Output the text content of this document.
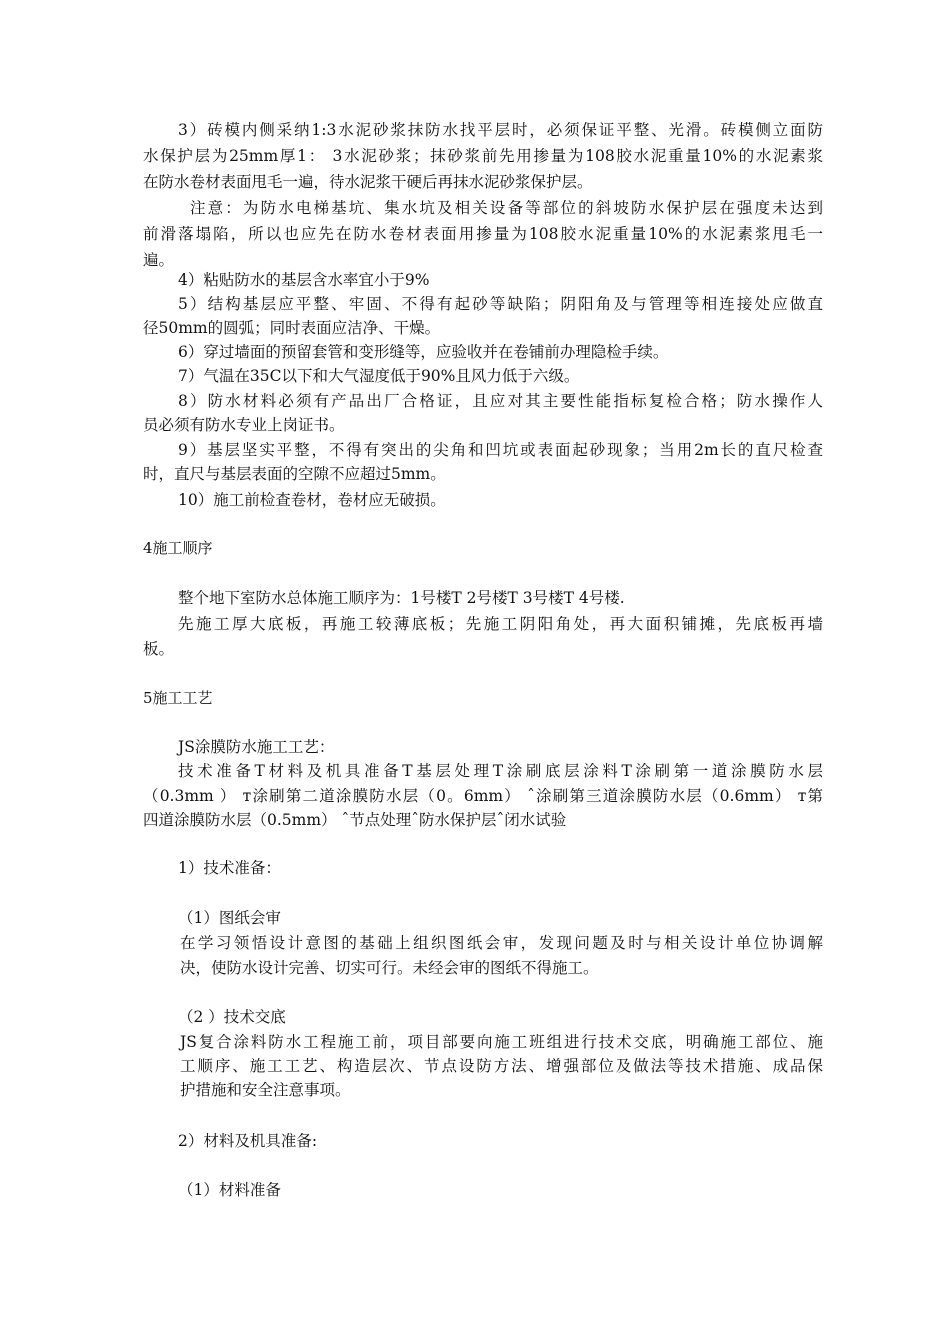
3）砖模内侧采纳1:3水泥砂浆抹防水找平层时，必须保证平整、光滑。砖模侧立面防
水保护层为25mm厚1： 3水泥砂浆；抹砂浆前先用掺量为108胶水泥重量10%的水泥素浆
在防水卷材表面甩毛一遍，待水泥浆干硬后再抹水泥砂浆保护层。
注意：为防水电梯基坑、集水坑及相关设备等部位的斜坡防水保护层在强度未达到
前滑落塌陷，所以也应先在防水卷材表面用掺量为108胶水泥重量10%的水泥素浆甩毛一
遍。
4）粘贴防水的基层含水率宜小于9%
5）结构基层应平整、牢固、不得有起砂等缺陷；阴阳角及与管理等相连接处应做直
径50mm的圆弧；同时表面应洁净、干燥。
6）穿过墙面的预留套管和变形缝等，应验收并在卷铺前办理隐检手续。
7）气温在35C以下和大气湿度低于90%且风力低于六级。
8）防水材料必须有产品出厂合格证，且应对其主要性能指标复检合格；防水操作人
员必须有防水专业上岗证书。
9）基层坚实平整，不得有突出的尖角和凹坑或表面起砂现象；当用2m长的直尺检查
时，直尺与基层表面的空隙不应超过5mm。
10）施工前检查卷材，卷材应无破损。
4施工顺序
整个地下室防水总体施工顺序为：1号楼T 2号楼T 3号楼T 4号楼.
先施工厚大底板，再施工较薄底板；先施工阴阳角处，再大面积铺摊，先底板再墙
板。
5施工工艺
JS涂膜防水施工工艺：
技术准备T材料及机具准备T基层处理T涂刷底层涂料T涂刷第一道涂膜防水层
（0.3mm ） ᴛ涂刷第二道涂膜防水层（0。6mm） ˆ涂刷第三道涂膜防水层（0.6mm） ᴛ第
四道涂膜防水层（0.5mm） ˆ节点处理ˆ防水保护层ˆ闭水试验
1）技术准备：
（1）图纸会审
在学习领悟设计意图的基础上组织图纸会审，发现问题及时与相关设计单位协调解
决，使防水设计完善、切实可行。未经会审的图纸不得施工。
（2 ）技术交底
JS复合涂料防水工程施工前，项目部要向施工班组进行技术交底，明确施工部位、施
工顺序、施工工艺、构造层次、节点设防方法、增强部位及做法等技术措施、成品保
护措施和安全注意事项。
2）材料及机具准备:
（1）材料准备
